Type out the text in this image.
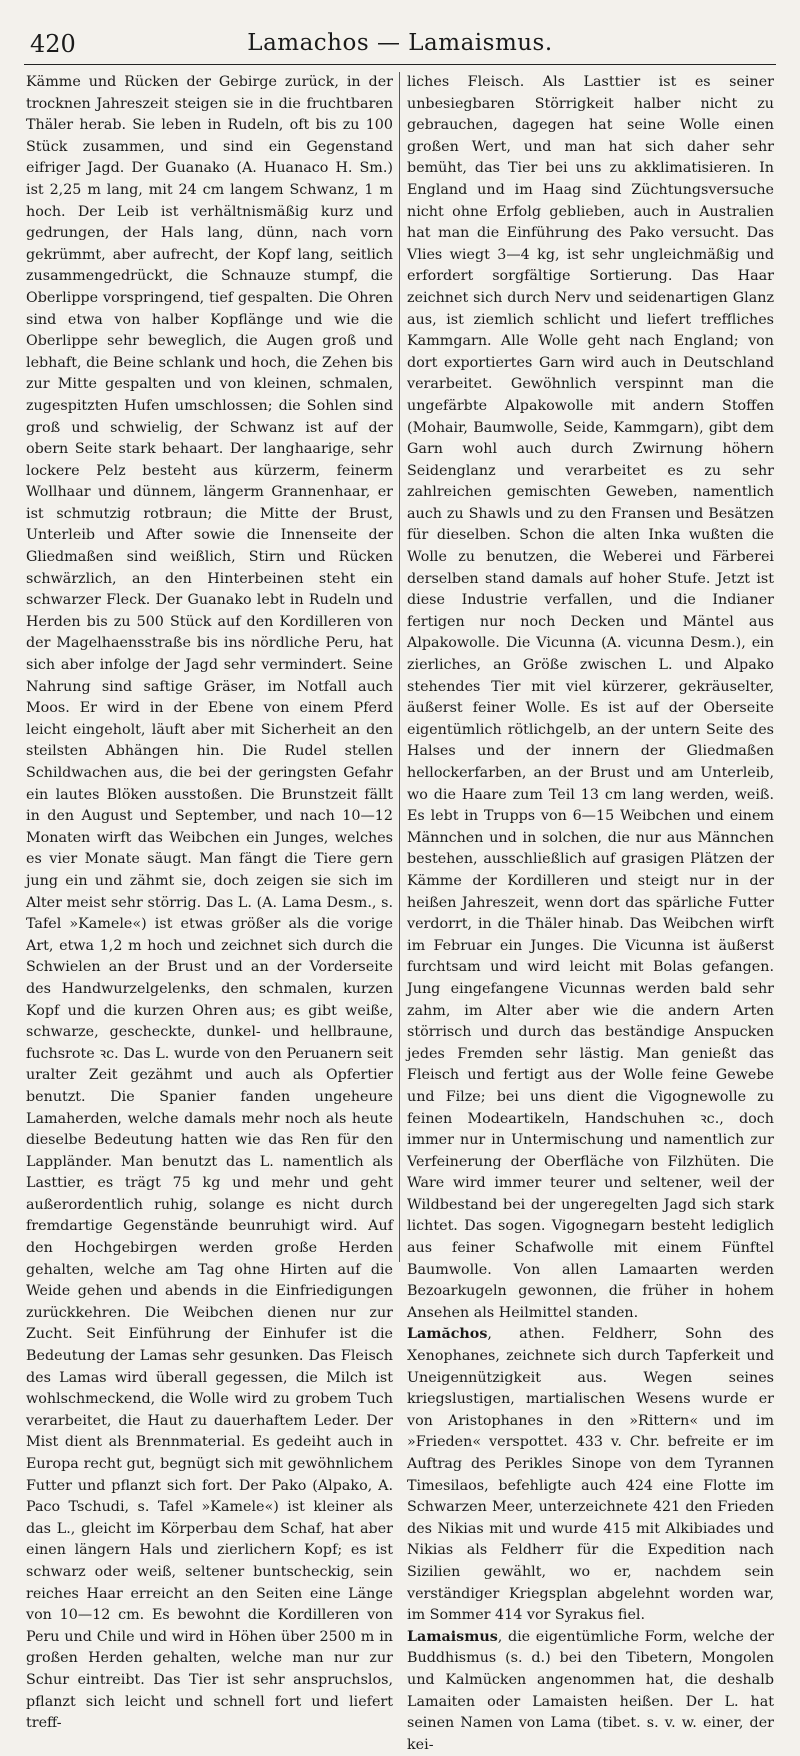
420	Lamachos — Lamaismus.

Kämme und Rücken der Gebirge zurück, in der trocknen Jahreszeit steigen sie in die fruchtbaren Thäler herab. Sie leben in Rudeln, oft bis zu 100 Stück zusammen, und sind ein Gegenstand eifriger Jagd. Der Guanako (A. Huanaco H. Sm.) ist 2,25 m lang, mit 24 cm langem Schwanz, 1 m hoch. Der Leib ist verhältnismäßig kurz und gedrungen, der Hals lang, dünn, nach vorn gekrümmt, aber aufrecht, der Kopf lang, seitlich zusammengedrückt, die Schnauze stumpf, die Oberlippe vorspringend, tief gespalten. Die Ohren sind etwa von halber Kopflänge und wie die Oberlippe sehr beweglich, die Augen groß und lebhaft, die Beine schlank und hoch, die Zehen bis zur Mitte gespalten und von kleinen, schmalen, zugespitzten Hufen umschlossen; die Sohlen sind groß und schwielig, der Schwanz ist auf der obern Seite stark behaart. Der langhaarige, sehr lockere Pelz besteht aus kürzerm, feinerm Wollhaar und dünnem, längerm Grannenhaar, er ist schmutzig rotbraun; die Mitte der Brust, Unterleib und After sowie die Innenseite der Gliedmaßen sind weißlich, Stirn und Rücken schwärzlich, an den Hinterbeinen steht ein schwarzer Fleck. Der Guanako lebt in Rudeln und Herden bis zu 500 Stück auf den Kordilleren von der Magelhaensstraße bis ins nördliche Peru, hat sich aber infolge der Jagd sehr vermindert. Seine Nahrung sind saftige Gräser, im Notfall auch Moos. Er wird in der Ebene von einem Pferd leicht eingeholt, läuft aber mit Sicherheit an den steilsten Abhängen hin. Die Rudel stellen Schildwachen aus, die bei der geringsten Gefahr ein lautes Blöken ausstoßen. Die Brunstzeit fällt in den August und September, und nach 10—12 Monaten wirft das Weibchen ein Junges, welches es vier Monate säugt. Man fängt die Tiere gern jung ein und zähmt sie, doch zeigen sie sich im Alter meist sehr störrig. Das L. (A. Lama Desm., s. Tafel »Kamele«) ist etwas größer als die vorige Art, etwa 1,2 m hoch und zeichnet sich durch die Schwielen an der Brust und an der Vorderseite des Handwurzelgelenks, den schmalen, kurzen Kopf und die kurzen Ohren aus; es gibt weiße, schwarze, gescheckte, dunkel- und hellbraune, fuchsrote ꝛc. Das L. wurde von den Peruanern seit uralter Zeit gezähmt und auch als Opfertier benutzt. Die Spanier fanden ungeheure Lamaherden, welche damals mehr noch als heute dieselbe Bedeutung hatten wie das Ren für den Lappländer. Man benutzt das L. namentlich als Lasttier, es trägt 75 kg und mehr und geht außerordentlich ruhig, solange es nicht durch fremdartige Gegenstände beunruhigt wird. Auf den Hochgebirgen werden große Herden gehalten, welche am Tag ohne Hirten auf die Weide gehen und abends in die Einfriedigungen zurückkehren. Die Weibchen dienen nur zur Zucht. Seit Einführung der Einhufer ist die Bedeutung der Lamas sehr gesunken. Das Fleisch des Lamas wird überall gegessen, die Milch ist wohlschmeckend, die Wolle wird zu grobem Tuch verarbeitet, die Haut zu dauerhaftem Leder. Der Mist dient als Brennmaterial. Es gedeiht auch in Europa recht gut, begnügt sich mit gewöhnlichem Futter und pflanzt sich fort. Der Pako (Alpako, A. Paco Tschudi, s. Tafel »Kamele«) ist kleiner als das L., gleicht im Körperbau dem Schaf, hat aber einen längern Hals und zierlichern Kopf; es ist schwarz oder weiß, seltener buntscheckig, sein reiches Haar erreicht an den Seiten eine Länge von 10—12 cm. Es bewohnt die Kordilleren von Peru und Chile und wird in Höhen über 2500 m in großen Herden gehalten, welche man nur zur Schur eintreibt. Das Tier ist sehr anspruchslos, pflanzt sich leicht und schnell fort und liefert treff-

liches Fleisch. Als Lasttier ist es seiner unbesiegbaren Störrigkeit halber nicht zu gebrauchen, dagegen hat seine Wolle einen großen Wert, und man hat sich daher sehr bemüht, das Tier bei uns zu akklimatisieren. In England und im Haag sind Züchtungsversuche nicht ohne Erfolg geblieben, auch in Australien hat man die Einführung des Pako versucht. Das Vlies wiegt 3—4 kg, ist sehr ungleichmäßig und erfordert sorgfältige Sortierung. Das Haar zeichnet sich durch Nerv und seidenartigen Glanz aus, ist ziemlich schlicht und liefert treffliches Kammgarn. Alle Wolle geht nach England; von dort exportiertes Garn wird auch in Deutschland verarbeitet. Gewöhnlich verspinnt man die ungefärbte Alpakowolle mit andern Stoffen (Mohair, Baumwolle, Seide, Kammgarn), gibt dem Garn wohl auch durch Zwirnung höhern Seidenglanz und verarbeitet es zu sehr zahlreichen gemischten Geweben, namentlich auch zu Shawls und zu den Fransen und Besätzen für dieselben. Schon die alten Inka wußten die Wolle zu benutzen, die Weberei und Färberei derselben stand damals auf hoher Stufe. Jetzt ist diese Industrie verfallen, und die Indianer fertigen nur noch Decken und Mäntel aus Alpakowolle. Die Vicunna (A. vicunna Desm.), ein zierliches, an Größe zwischen L. und Alpako stehendes Tier mit viel kürzerer, gekräuselter, äußerst feiner Wolle. Es ist auf der Oberseite eigentümlich rötlichgelb, an der untern Seite des Halses und der innern der Gliedmaßen hellockerfarben, an der Brust und am Unterleib, wo die Haare zum Teil 13 cm lang werden, weiß. Es lebt in Trupps von 6—15 Weibchen und einem Männchen und in solchen, die nur aus Männchen bestehen, ausschließlich auf grasigen Plätzen der Kämme der Kordilleren und steigt nur in der heißen Jahreszeit, wenn dort das spärliche Futter verdorrt, in die Thäler hinab. Das Weibchen wirft im Februar ein Junges. Die Vicunna ist äußerst furchtsam und wird leicht mit Bolas gefangen. Jung eingefangene Vicunnas werden bald sehr zahm, im Alter aber wie die andern Arten störrisch und durch das beständige Anspucken jedes Fremden sehr lästig. Man genießt das Fleisch und fertigt aus der Wolle feine Gewebe und Filze; bei uns dient die Vigognewolle zu feinen Modeartikeln, Handschuhen ꝛc., doch immer nur in Untermischung und namentlich zur Verfeinerung der Oberfläche von Filzhüten. Die Ware wird immer teurer und seltener, weil der Wildbestand bei der ungeregelten Jagd sich stark lichtet. Das sogen. Vigognegarn besteht lediglich aus feiner Schafwolle mit einem Fünftel Baumwolle. Von allen Lamaarten werden Bezoarkugeln gewonnen, die früher in hohem Ansehen als Heilmittel standen.

Lamăchos, athen. Feldherr, Sohn des Xenophanes, zeichnete sich durch Tapferkeit und Uneigennützigkeit aus. Wegen seines kriegslustigen, martialischen Wesens wurde er von Aristophanes in den »Rittern« und im »Frieden« verspottet. 433 v. Chr. befreite er im Auftrag des Perikles Sinope von dem Tyrannen Timesilaos, befehligte auch 424 eine Flotte im Schwarzen Meer, unterzeichnete 421 den Frieden des Nikias mit und wurde 415 mit Alkibiades und Nikias als Feldherr für die Expedition nach Sizilien gewählt, wo er, nachdem sein verständiger Kriegsplan abgelehnt worden war, im Sommer 414 vor Syrakus fiel.

Lamaismus, die eigentümliche Form, welche der Buddhismus (s. d.) bei den Tibetern, Mongolen und Kalmücken angenommen hat, die deshalb Lamaiten oder Lamaisten heißen. Der L. hat seinen Namen von Lama (tibet. s. v. w. einer, der kei-
